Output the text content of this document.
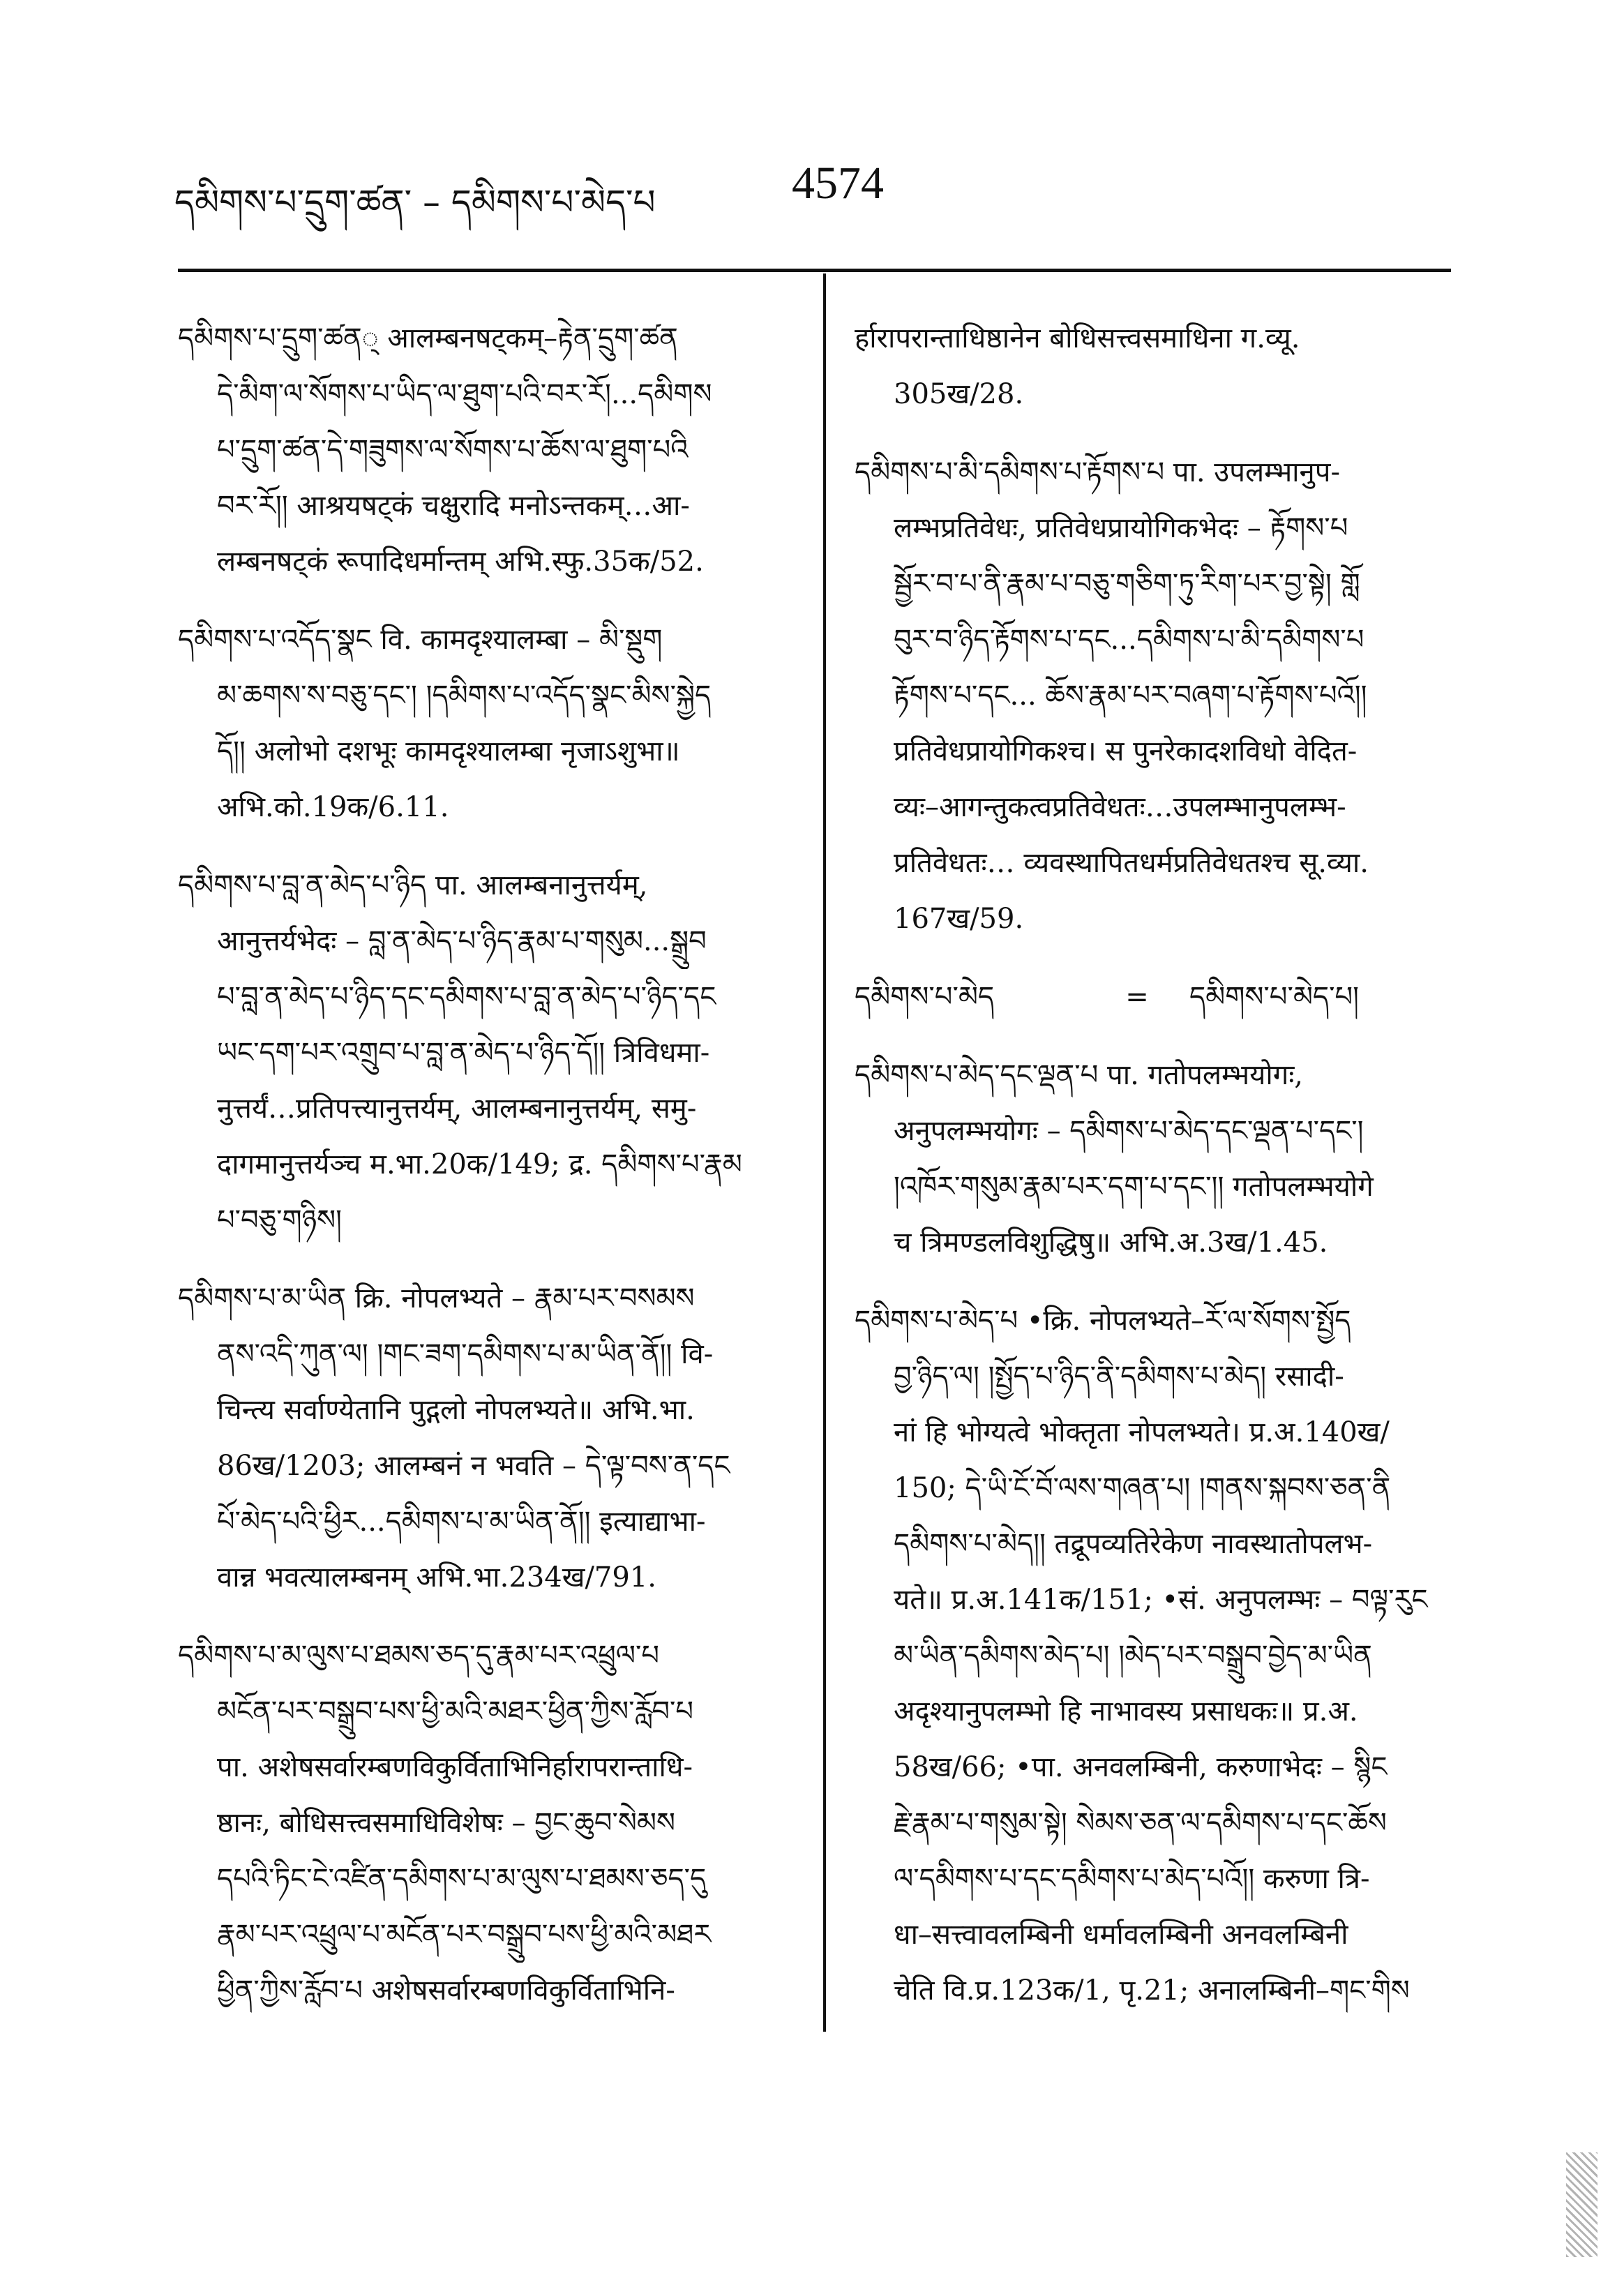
དམིགས་པ་དྲུག་ཚན་ – དམིགས་པ་མེད་པ	4574
དམིགས་པ་དྲུག་ཚན् आलम्बनषट्कम्–རྟེན་དྲུག་ཚན
དེ་མིག་ལ་སོགས་པ་ཡིད་ལ་ཐུག་པའི་བར་རོ།...དམིགས
པ་དྲུག་ཚན་དེ་གཟུགས་ལ་སོགས་པ་ཆོས་ལ་ཐུག་པའི
བར་རོ།། आश्रयषट्कं चक्षुरादि मनोऽन्तकम्…आ-
लम्बनषट्कं रूपादिधर्मान्तम् अभि.स्फु.35क/52.
དམིགས་པ་འདོད་སྣང वि. कामदृश्यालम्बा – མི་སྡུག
མ་ཆགས་ས་བཅུ་དང་། །དམིགས་པ་འདོད་སྣང་མིས་སྐྱེད
དོ།། अलोभो दशभूः कामदृश्यालम्बा नृजाऽशुभा॥
अभि.को.19क/6.11.
དམིགས་པ་བླ་ན་མེད་པ་ཉིད पा. आलम्बनानुत्तर्यम्,
आनुत्तर्यभेदः – བླ་ན་མེད་པ་ཉིད་རྣམ་པ་གསུམ...སྒྲུབ
པ་བླ་ན་མེད་པ་ཉིད་དང་དམིགས་པ་བླ་ན་མེད་པ་ཉིད་དང
ཡང་དག་པར་འགྲུབ་པ་བླ་ན་མེད་པ་ཉིད་དོ།། त्रिविधमा-
नुत्तर्यं…प्रतिपत्त्यानुत्तर्यम्, आलम्बनानुत्तर्यम्, समु-
दागमानुत्तर्यञ्च म.भा.20क/149; द्र. དམིགས་པ་རྣམ
པ་བཅུ་གཉིས།
དམིགས་པ་མ་ཡིན क्रि. नोपलभ्यते – རྣམ་པར་བསམས
ནས་འདི་ཀུན་ལ། །གང་ཟག་དམིགས་པ་མ་ཡིན་ནོ།། वि-
चिन्त्य सर्वाण्येतानि पुद्गलो नोपलभ्यते॥ अभि.भा.
86ख/1203; आलम्बनं न भवति – དེ་ལྟ་བས་ན་དང
པོ་མེད་པའི་ཕྱིར...དམིགས་པ་མ་ཡིན་ནོ།། इत्याद्याभा-
वान्न भवत्यालम्बनम् अभि.भा.234ख/791.
དམིགས་པ་མ་ལུས་པ་ཐམས་ཅད་དུ་རྣམ་པར་འཕྲུལ་པ
མངོན་པར་བསྒྲུབ་པས་ཕྱི་མའི་མཐར་ཕྱིན་ཀྱིས་རློབ་པ
पा. अशेषसर्वारम्बणविकुर्विताभिनिर्हारापरान्ताधि-
ष्ठानः, बोधिसत्त्वसमाधिविशेषः – བྱང་ཆུབ་སེམས
དཔའི་ཏིང་ངེ་འཛིན་དམིགས་པ་མ་ལུས་པ་ཐམས་ཅད་དུ
རྣམ་པར་འཕྲུལ་པ་མངོན་པར་བསྒྲུབ་པས་ཕྱི་མའི་མཐར
ཕྱིན་ཀྱིས་རློབ་པ अशेषसर्वारम्बणविकुर्विताभिनि-
र्हारापरान्ताधिष्ठानेन बोधिसत्त्वसमाधिना ग.व्यू.
305ख/28.
དམིགས་པ་མི་དམིགས་པ་རྟོགས་པ पा. उपलम्भानुप-
लम्भप्रतिवेधः, प्रतिवेधप्रायोगिकभेदः – རྟོགས་པ
སྦྱོར་བ་པ་ནི་རྣམ་པ་བཅུ་གཅིག་ཏུ་རིག་པར་བྱ་སྟེ། གློ
བུར་བ་ཉིད་རྟོགས་པ་དང...དམིགས་པ་མི་དམིགས་པ
རྟོགས་པ་དང... ཆོས་རྣམ་པར་བཞག་པ་རྟོགས་པའོ།།
प्रतिवेधप्रायोगिकश्च। स पुनरेकादशविधो वेदित-
व्यः–आगन्तुकत्वप्रतिवेधतः…उपलम्भानुपलम्भ-
प्रतिवेधतः… व्यवस्थापितधर्मप्रतिवेधतश्च सू.व्या.
167ख/59.
དམིགས་པ་མེད	=	དམིགས་པ་མེད་པ།
དམིགས་པ་མེད་དང་ལྡན་པ पा. गतोपलम्भयोगः,
अनुपलम्भयोगः – དམིགས་པ་མེད་དང་ལྡན་པ་དང་།
།འཁོར་གསུམ་རྣམ་པར་དག་པ་དང་།། गतोपलम्भयोगे
च त्रिमण्डलविशुद्धिषु॥ अभि.अ.3ख/1.45.
དམིགས་པ་མེད་པ •क्रि. नोपलभ्यते–རོ་ལ་སོགས་སྤྱོད
བྱ་ཉིད་ལ། །སྤྱོད་པ་ཉིད་ནི་དམིགས་པ་མེད། रसादी-
नां हि भोग्यत्वे भोक्तृता नोपलभ्यते। प्र.अ.140ख/
150; དེ་ཡི་ངོ་བོ་ལས་གཞན་པ། །གནས་སྐབས་ཅན་ནི
དམིགས་པ་མེད།། तद्रूपव्यतिरेकेण नावस्थातोपलभ-
यते॥ प्र.अ.141क/151; •सं. अनुपलम्भः – བལྟ་རུང
མ་ཡིན་དམིགས་མེད་པ། །མེད་པར་བསྒྲུབ་བྱེད་མ་ཡིན
अदृश्यानुपलम्भो हि नाभावस्य प्रसाधकः॥ प्र.अ.
58ख/66; •पा. अनवलम्बिनी, करुणाभेदः – སྙིང
རྗེ་རྣམ་པ་གསུམ་སྟེ། སེམས་ཅན་ལ་དམིགས་པ་དང་ཆོས
ལ་དམིགས་པ་དང་དམིགས་པ་མེད་པའོ།། करुणा त्रि-
धा–सत्त्वावलम्बिनी धर्मावलम्बिनी अनवलम्बिनी
चेति वि.प्र.123क/1, पृ.21; अनालम्बिनी–གང་གིས
